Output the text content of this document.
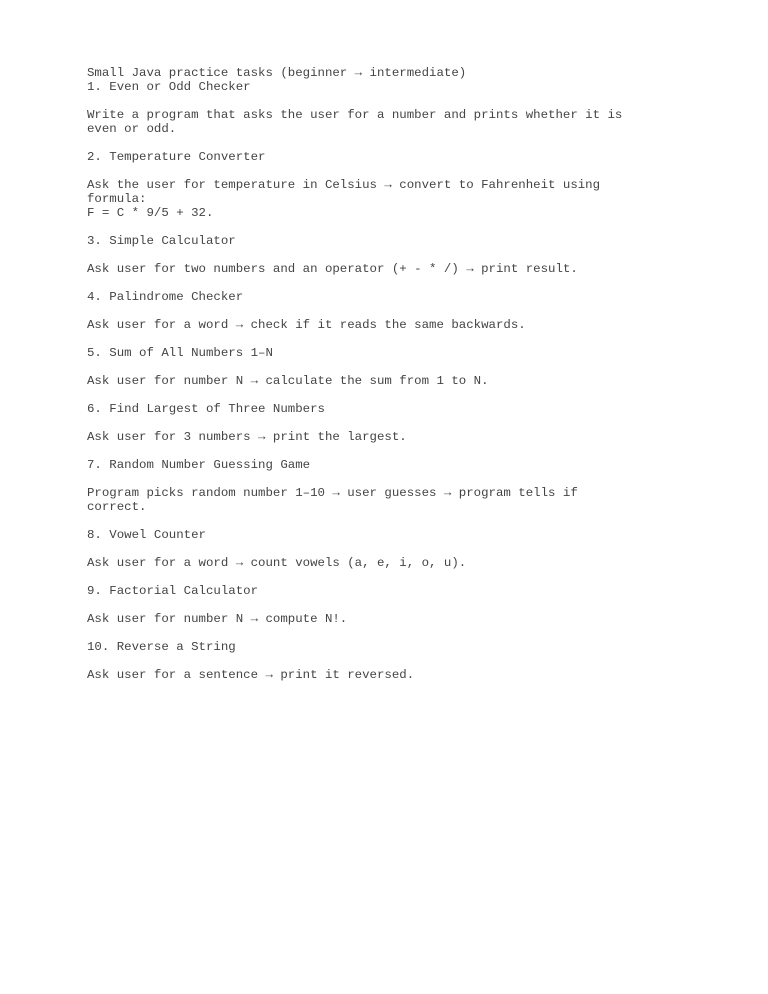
Small Java practice tasks (beginner → intermediate)
1. Even or Odd Checker
Write a program that asks the user for a number and prints whether it is
even or odd.
2. Temperature Converter
Ask the user for temperature in Celsius → convert to Fahrenheit using
formula:
F = C * 9/5 + 32.
3. Simple Calculator
Ask user for two numbers and an operator (+ - * /) → print result.
4. Palindrome Checker
Ask user for a word → check if it reads the same backwards.
5. Sum of All Numbers 1–N
Ask user for number N → calculate the sum from 1 to N.
6. Find Largest of Three Numbers
Ask user for 3 numbers → print the largest.
7. Random Number Guessing Game
Program picks random number 1–10 → user guesses → program tells if
correct.
8. Vowel Counter
Ask user for a word → count vowels (a, e, i, o, u).
9. Factorial Calculator
Ask user for number N → compute N!.
10. Reverse a String
Ask user for a sentence → print it reversed.
